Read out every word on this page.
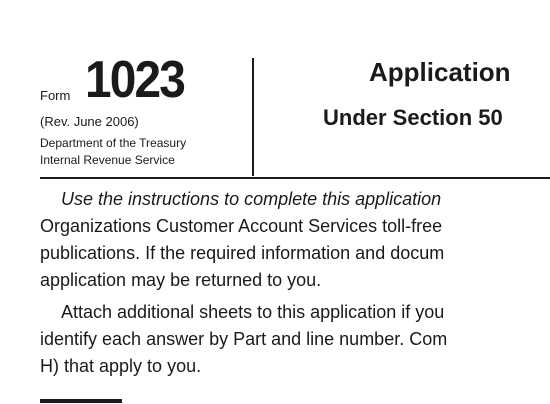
Form 1023
(Rev. June 2006)
Department of the Treasury
Internal Revenue Service
Application
Under Section 50
Use the instructions to complete this application
Organizations Customer Account Services toll-free
publications. If the required information and docum
application may be returned to you.
Attach additional sheets to this application if you
identify each answer by Part and line number. Com
H) that apply to you.
